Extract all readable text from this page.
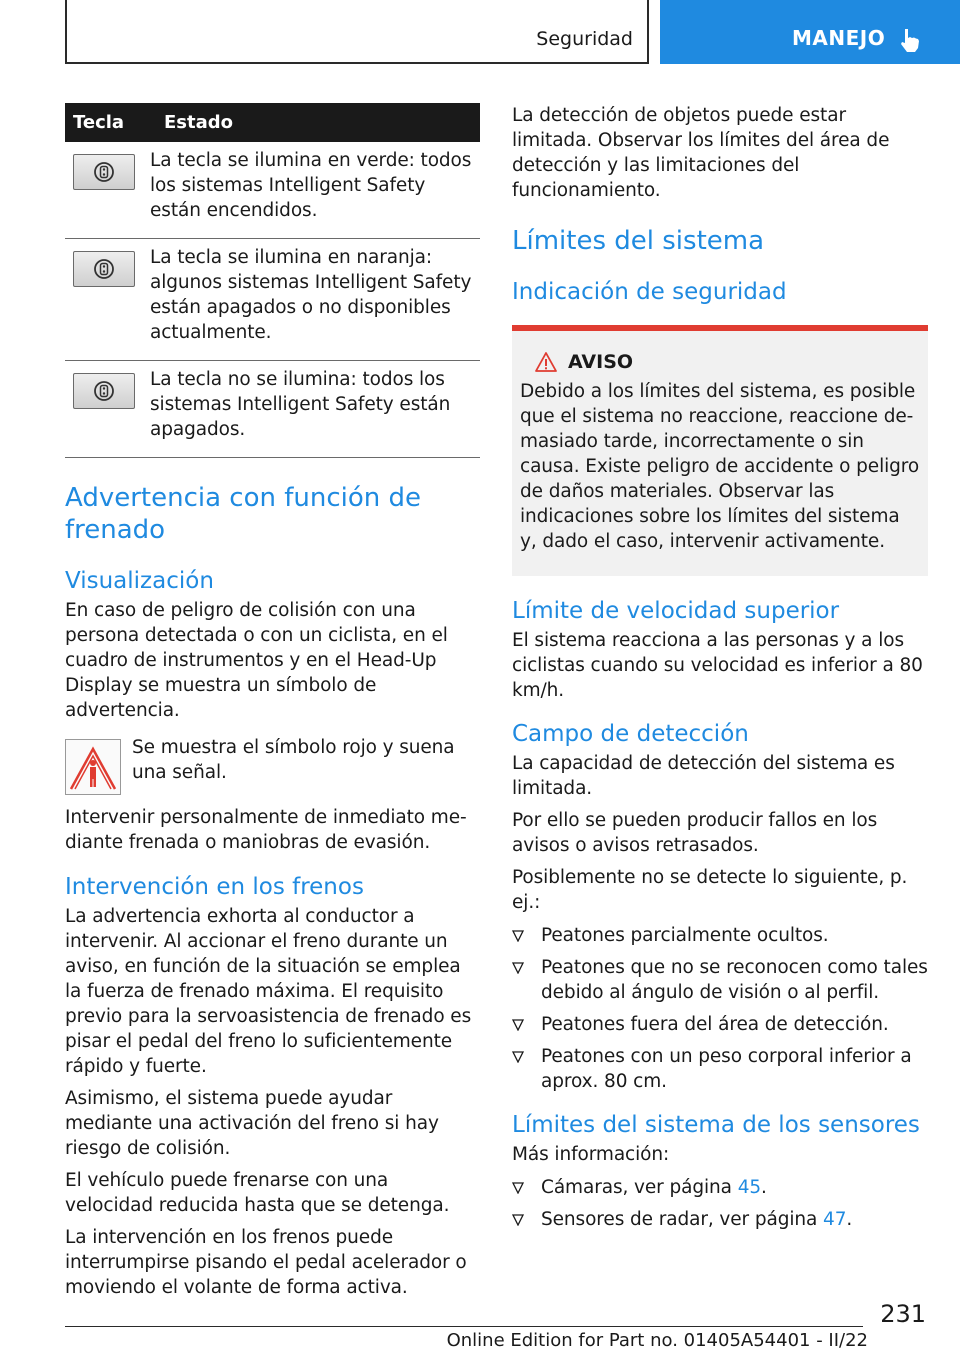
Seguridad	MANEJO
Tecla	Estado

La tecla se ilumina en verde: todos los sistemas Intelligent Safety están encendidos.

La tecla se ilumina en naranja: algunos sistemas Intelligent Safety están apagados o no disponibles actualmente.

La tecla no se ilumina: todos los sistemas Intelligent Safety están apagados.
Advertencia con función de frenado
Visualización

En caso de peligro de colisión con una persona detectada o con un ciclista, en el cuadro de instrumentos y en el Head-Up Display se muestra un símbolo de advertencia.

Se muestra el símbolo rojo y suena una señal.

Intervenir personalmente de inmediato mediante frenada o maniobras de evasión.

Intervención en los frenos

La advertencia exhorta al conductor a intervenir. Al accionar el freno durante un aviso, en función de la situación se emplea la fuerza de frenado máxima. El requisito previo para la servoasistencia de frenado es pisar el pedal del freno lo suficientemente rápido y fuerte.

Asimismo, el sistema puede ayudar mediante una activación del freno si hay riesgo de colisión.

El vehículo puede frenarse con una velocidad reducida hasta que se detenga.

La intervención en los frenos puede interrumpirse pisando el pedal acelerador o moviendo el volante de forma activa.

La detección de objetos puede estar limitada. Observar los límites del área de detección y las limitaciones del funcionamiento.

Límites del sistema
Indicación de seguridad
AVISO

Debido a los límites del sistema, es posible que el sistema no reaccione, reaccione demasiado tarde, incorrectamente o sin causa. Existe peligro de accidente o peligro de daños materiales. Observar las indicaciones sobre los límites del sistema y, dado el caso, intervenir activamente.

Límite de velocidad superior

El sistema reacciona a las personas y a los ciclistas cuando su velocidad es inferior a 80 km/h.

Campo de detección

La capacidad de detección del sistema es limitada.

Por ello se pueden producir fallos en los avisos o avisos retrasados.

Posiblemente no se detecte lo siguiente, p. ej.:

Peatones parcialmente ocultos.

Peatones que no se reconocen como tales debido al ángulo de visión o al perfil.

Peatones fuera del área de detección.

Peatones con un peso corporal inferior a aprox. 80 cm.

Límites del sistema de los sensores

Más información:

Cámaras, ver página 45.

Sensores de radar, ver página 47.

231
Online Edition for Part no. 01405A54401 - II/22
